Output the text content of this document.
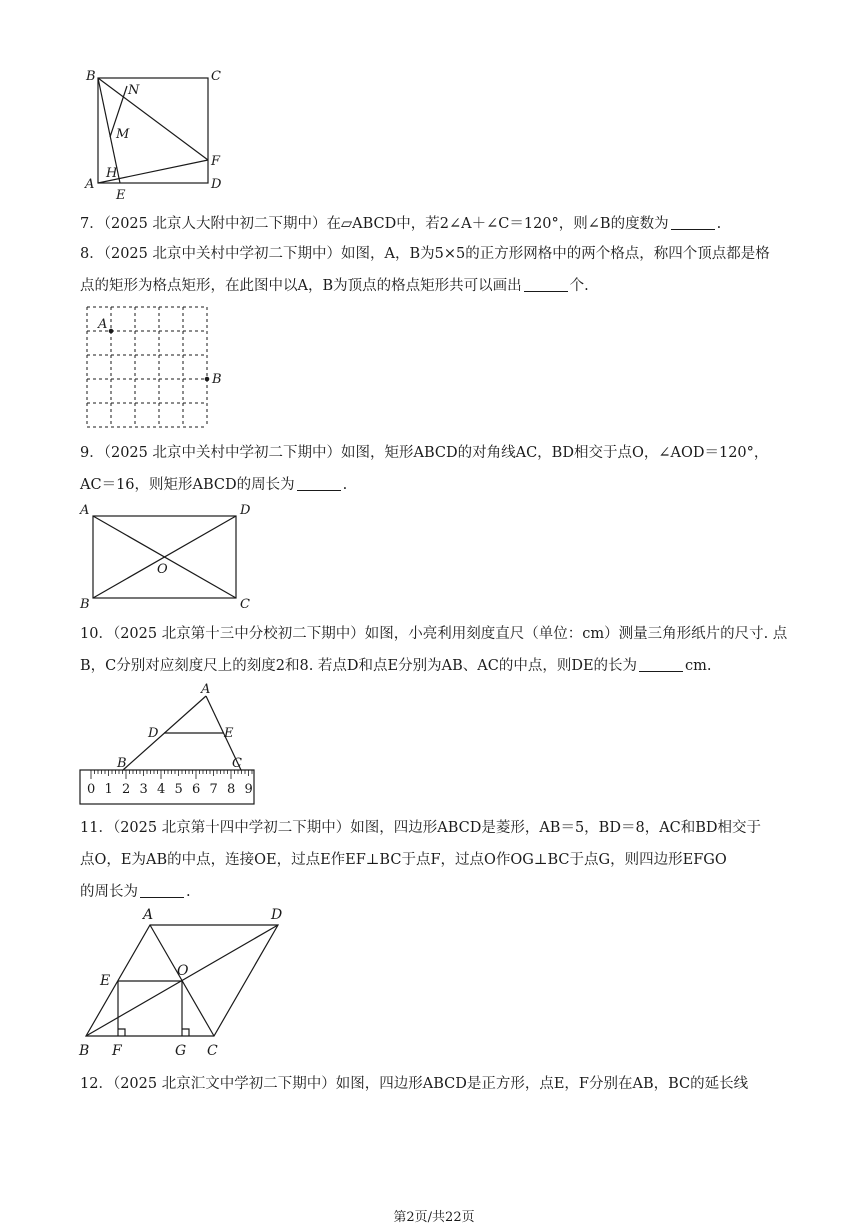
B	C
N
M
F
H
A
E
D

7．（2025 北京人大附中初二下期中）在▱ABCD中，若2∠A＋∠C＝120°，则∠B的度数为	.

8．（2025 北京中关村中学初二下期中）如图，A，B为5×5的正方形网格中的两个格点，称四个顶点都是格

点的矩形为格点矩形，在此图中以A，B为顶点的格点矩形共可以画出	个.

A
B

9．（2025 北京中关村中学初二下期中）如图，矩形ABCD的对角线AC，BD相交于点O，∠AOD＝120°，

AC＝16，则矩形ABCD的周长为	.

A	D
O
B	C

10．（2025 北京第十三中分校初二下期中）如图，小亮利用刻度直尺（单位：cm）测量三角形纸片的尺寸. 点

B，C分别对应刻度尺上的刻度2和8. 若点D和点E分别为AB、AC的中点，则DE的长为	cm.

0 1 2 3 4 5 6 7 8 9
A
D	E
B	C

11．（2025 北京第十四中学初二下期中）如图，四边形ABCD是菱形，AB＝5，BD＝8，AC和BD相交于

点O，E为AB的中点，连接OE，过点E作EF⊥BC于点F，过点O作OG⊥BC于点G，则四边形EFGO

的周长为	.

A	D
E
O
B F	G C

12．（2025 北京汇文中学初二下期中）如图，四边形ABCD是正方形，点E，F分别在AB，BC的延长线

第2页/共22页
